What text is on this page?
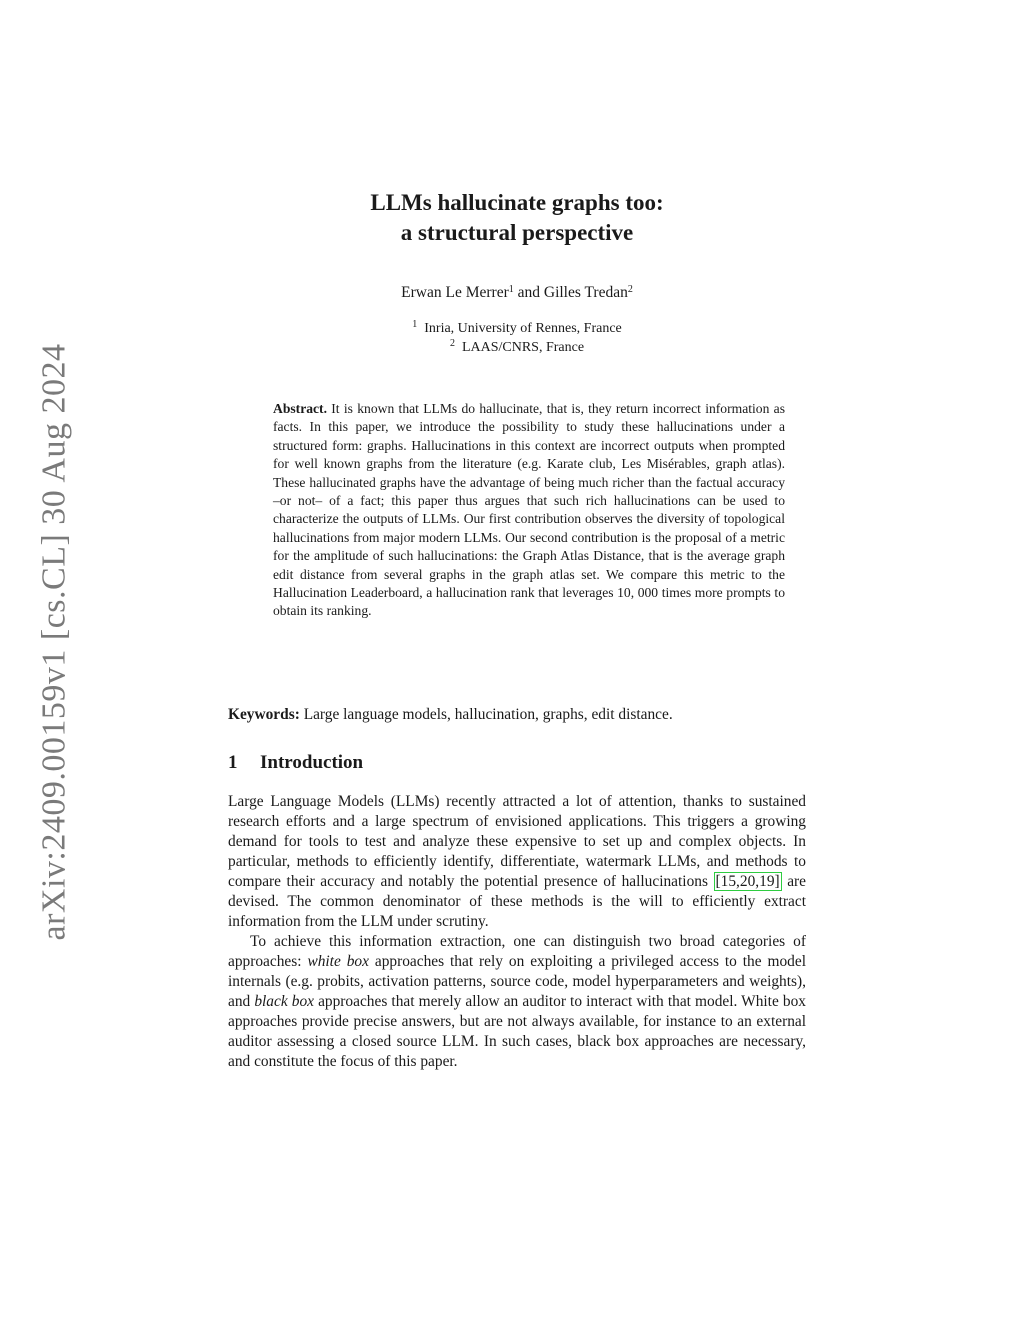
arXiv:2409.00159v1 [cs.CL] 30 Aug 2024
LLMs hallucinate graphs too:
a structural perspective
Erwan Le Merrer$^1$ and Gilles Tredan$^2$
$^1$ Inria, University of Rennes, France
$^2$ LAAS/CNRS, France
Abstract. It is known that LLMs do hallucinate, that is, they return incorrect information as facts. In this paper, we introduce the possibility to study these hallucinations under a structured form: graphs. Hallucinations in this context are incorrect outputs when prompted for well known graphs from the literature (e.g. Karate club, Les Misérables, graph atlas). These hallucinated graphs have the advantage of being much richer than the factual accuracy –or not– of a fact; this paper thus argues that such rich hallucinations can be used to characterize the outputs of LLMs. Our first contribution observes the diversity of topological hallucinations from major modern LLMs. Our second contribution is the proposal of a metric for the amplitude of such hallucinations: the Graph Atlas Distance, that is the average graph edit distance from several graphs in the graph atlas set. We compare this metric to the Hallucination Leaderboard, a hallucination rank that leverages 10, 000 times more prompts to obtain its ranking.
Keywords: Large language models, hallucination, graphs, edit distance.
1 Introduction

Large Language Models (LLMs) recently attracted a lot of attention, thanks to sustained research efforts and a large spectrum of envisioned applications. This triggers a growing demand for tools to test and analyze these expensive to set up and complex objects. In particular, methods to efficiently identify, differentiate, watermark LLMs, and methods to compare their accuracy and notably the potential presence of hallucinations [15,20,19] are devised. The common denominator of these methods is the will to efficiently extract information from the LLM under scrutiny.

To achieve this information extraction, one can distinguish two broad categories of approaches: white box approaches that rely on exploiting a privileged access to the model internals (e.g. probits, activation patterns, source code, model hyperparameters and weights), and black box approaches that merely allow an auditor to interact with that model. White box approaches provide precise answers, but are not always available, for instance to an external auditor assessing a closed source LLM. In such cases, black box approaches are necessary, and constitute the focus of this paper.
